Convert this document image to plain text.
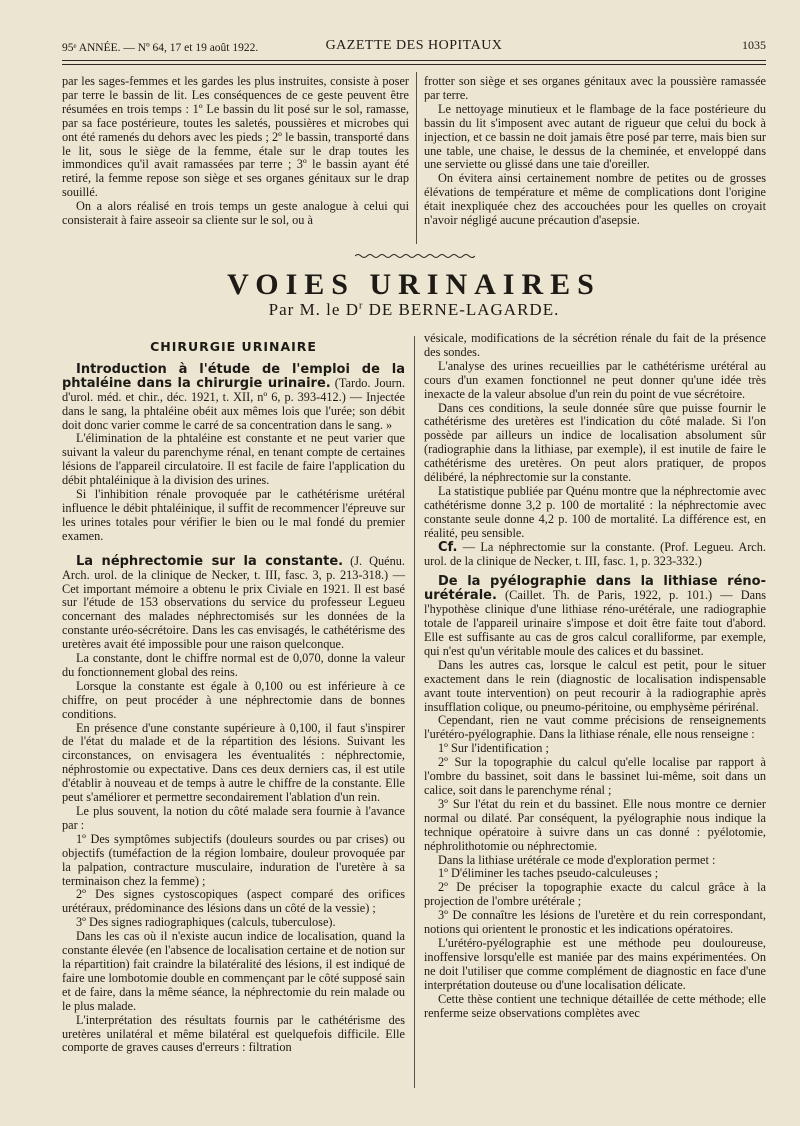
95ᵉ ANNÉE. — Nº 64, 17 et 19 août 1922.	GAZETTE DES HOPITAUX	1035

par les sages-femmes et les gardes les plus instruites, consiste à poser par terre le bassin de lit. Les conséquences de ce geste peuvent être résumées en trois temps : 1º Le bassin du lit posé sur le sol, ramasse, par sa face postérieure, toutes les saletés, poussières et microbes qui ont été ramenés du dehors avec les pieds ; 2º le bassin, transporté dans le lit, sous le siège de la femme, étale sur le drap toutes les immondices qu'il avait ramassées par terre ; 3º le bassin ayant été retiré, la femme repose son siège et ses organes génitaux sur le drap souillé.

On a alors réalisé en trois temps un geste analogue à celui qui consisterait à faire asseoir sa cliente sur le sol, ou à

frotter son siège et ses organes génitaux avec la poussière ramassée par terre.

Le nettoyage minutieux et le flambage de la face postérieure du bassin du lit s'imposent avec autant de rigueur que celui du bock à injection, et ce bassin ne doit jamais être posé par terre, mais bien sur une table, une chaise, le dessus de la cheminée, et enveloppé dans une serviette ou glissé dans une taie d'oreiller.

On évitera ainsi certainement nombre de petites ou de grosses élévations de température et même de complications dont l'origine était inexpliquée chez des accouchées pour les quelles on croyait n'avoir négligé aucune précaution d'asepsie.

VOIES URINAIRES
Par M. le $D^r$ DE BERNE-LAGARDE.
CHIRURGIE URINAIRE

Introduction à l'étude de l'emploi de la phtaléine dans la chirurgie urinaire. (Tardo. Journ. d'urol. méd. et chir., déc. 1921, t. XII, nº 6, p. 393-412.) — Injectée dans le sang, la phtaléine obéit aux mêmes lois que l'urée; son débit doit donc varier comme le carré de sa concentration dans le sang. »

L'élimination de la phtaléine est constante et ne peut varier que suivant la valeur du parenchyme rénal, en tenant compte de certaines lésions de l'appareil circulatoire. Il est facile de faire l'application du débit phtaléinique à la division des urines.

Si l'inhibition rénale provoquée par le cathétérisme urétéral influence le débit phtaléinique, il suffit de recommencer l'épreuve sur les urines totales pour vérifier le bien ou le mal fondé du premier examen.

La néphrectomie sur la constante. (J. Quénu. Arch. urol. de la clinique de Necker, t. III, fasc. 3, p. 213-318.) — Cet important mémoire a obtenu le prix Civiale en 1921. Il est basé sur l'étude de 153 observations du service du professeur Legueu concernant des malades néphrectomisés sur les données de la constante uréo-sécrétoire. Dans les cas envisagés, le cathétérisme des uretères avait été impossible pour une raison quelconque.

La constante, dont le chiffre normal est de 0,070, donne la valeur du fonctionnement global des reins.

Lorsque la constante est égale à 0,100 ou est inférieure à ce chiffre, on peut procéder à une néphrectomie dans de bonnes conditions.

En présence d'une constante supérieure à 0,100, il faut s'inspirer de l'état du malade et de la répartition des lésions. Suivant les circonstances, on envisagera les éventualités : néphrectomie, néphrostomie ou expectative. Dans ces deux derniers cas, il est utile d'établir à nouveau et de temps à autre le chiffre de la constante. Elle peut s'améliorer et permettre secondairement l'ablation d'un rein.

Le plus souvent, la notion du côté malade sera fournie à l'avance par :

1º Des symptômes subjectifs (douleurs sourdes ou par crises) ou objectifs (tuméfaction de la région lombaire, douleur provoquée par la palpation, contracture musculaire, induration de l'uretère à sa terminaison chez la femme) ;

2º Des signes cystoscopiques (aspect comparé des orifices urétéraux, prédominance des lésions dans un côté de la vessie) ;

3º Des signes radiographiques (calculs, tuberculose).

Dans les cas où il n'existe aucun indice de localisation, quand la constante élevée (en l'absence de localisation certaine et de notion sur la répartition) fait craindre la bilatéralité des lésions, il est indiqué de faire une lombotomie double en commençant par le côté supposé sain et de faire, dans la même séance, la néphrectomie du rein malade ou le plus malade.

L'interprétation des résultats fournis par le cathétérisme des uretères unilatéral et même bilatéral est quelquefois difficile. Elle comporte de graves causes d'erreurs : filtration

vésicale, modifications de la sécrétion rénale du fait de la présence des sondes.

L'analyse des urines recueillies par le cathétérisme urétéral au cours d'un examen fonctionnel ne peut donner qu'une idée très inexacte de la valeur absolue d'un rein du point de vue sécrétoire.

Dans ces conditions, la seule donnée sûre que puisse fournir le cathétérisme des uretères est l'indication du côté malade. Si l'on possède par ailleurs un indice de localisation absolument sûr (radiographie dans la lithiase, par exemple), il est inutile de faire le cathétérisme des uretères. On peut alors pratiquer, de propos délibéré, la néphrectomie sur la constante.

La statistique publiée par Quénu montre que la néphrectomie avec cathétérisme donne 3,2 p. 100 de mortalité : la néphrectomie avec constante seule donne 4,2 p. 100 de mortalité. La différence est, en réalité, peu sensible.

Cf. — La néphrectomie sur la constante. (Prof. Legueu. Arch. urol. de la clinique de Necker, t. III, fasc. 1, p. 323-332.)

De la pyélographie dans la lithiase réno-urétérale. (Caillet. Th. de Paris, 1922, p. 101.) — Dans l'hypothèse clinique d'une lithiase réno-urétérale, une radiographie totale de l'appareil urinaire s'impose et doit être faite tout d'abord. Elle est suffisante au cas de gros calcul coralliforme, par exemple, qui n'est qu'un véritable moule des calices et du bassinet.

Dans les autres cas, lorsque le calcul est petit, pour le situer exactement dans le rein (diagnostic de localisation indispensable avant toute intervention) on peut recourir à la radiographie après insufflation colique, ou pneumo-péritoine, ou emphysème périrénal.

Cependant, rien ne vaut comme précisions de renseignements l'urétéro-pyélographie. Dans la lithiase rénale, elle nous renseigne :

1º Sur l'identification ;

2º Sur la topographie du calcul qu'elle localise par rapport à l'ombre du bassinet, soit dans le bassinet lui-même, soit dans un calice, soit dans le parenchyme rénal ;

3º Sur l'état du rein et du bassinet. Elle nous montre ce dernier normal ou dilaté. Par conséquent, la pyélographie nous indique la technique opératoire à suivre dans un cas donné : pyélotomie, néphrolithotomie ou néphrectomie.

Dans la lithiase urétérale ce mode d'exploration permet :

1º D'éliminer les taches pseudo-calculeuses ;

2º De préciser la topographie exacte du calcul grâce à la projection de l'ombre urétérale ;

3º De connaître les lésions de l'uretère et du rein correspondant, notions qui orientent le pronostic et les indications opératoires.

L'urétéro-pyélographie est une méthode peu douloureuse, inoffensive lorsqu'elle est maniée par des mains expérimentées. On ne doit l'utiliser que comme complément de diagnostic en face d'une interprétation douteuse ou d'une localisation délicate.

Cette thèse contient une technique détaillée de cette méthode; elle renferme seize observations complètes avec
